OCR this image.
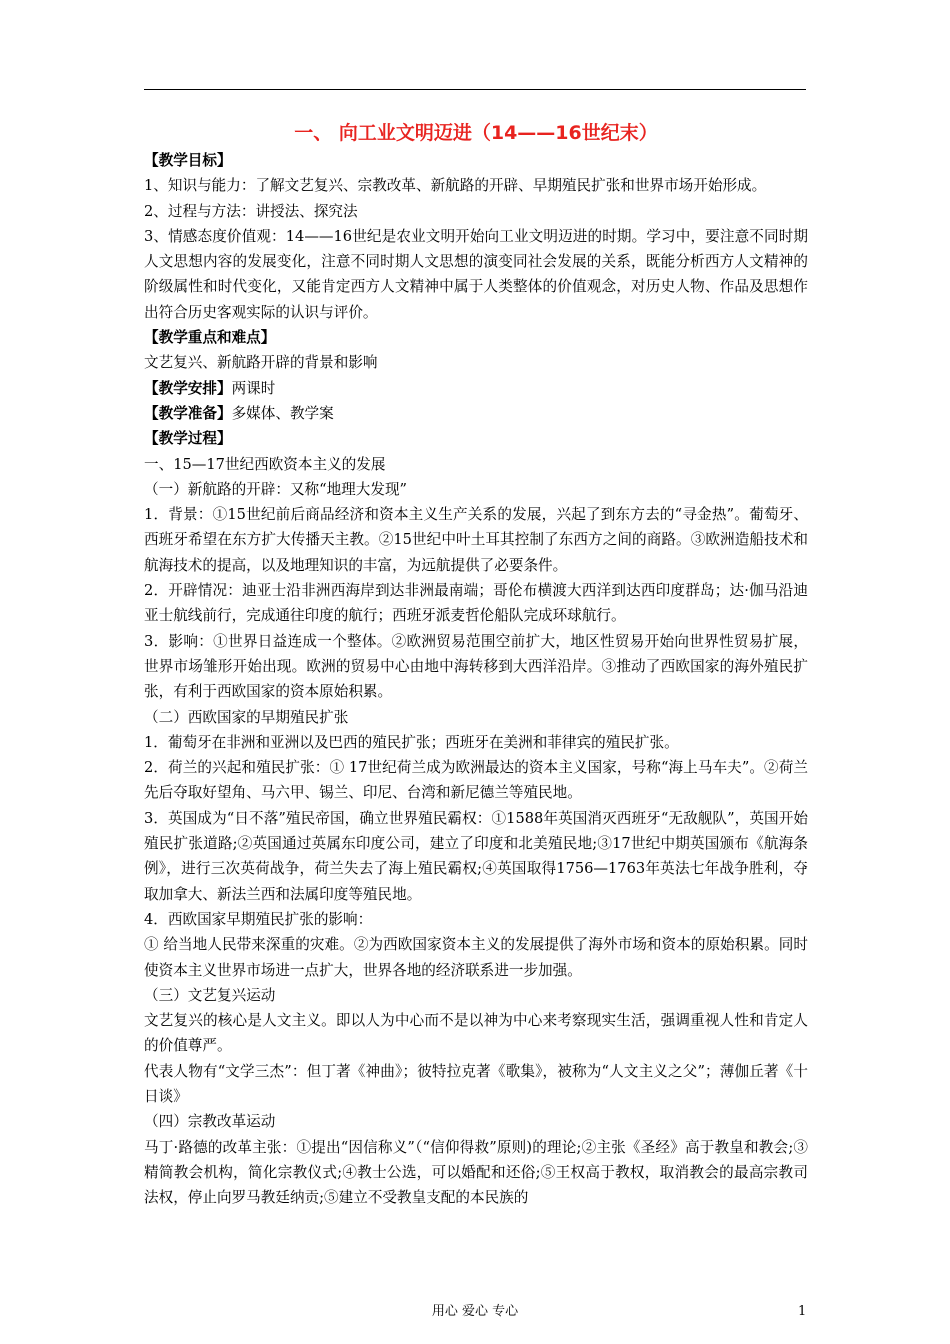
一、 向工业文明迈进（14——16世纪末）
【教学目标】
1、知识与能力：了解文艺复兴、宗教改革、新航路的开辟、早期殖民扩张和世界市场开始形成。
2、过程与方法：讲授法、探究法
3、情感态度价值观：14——16世纪是农业文明开始向工业文明迈进的时期。学习中，要注意不同时期人文思想内容的发展变化，注意不同时期人文思想的演变同社会发展的关系，既能分析西方人文精神的阶级属性和时代变化，又能肯定西方人文精神中属于人类整体的价值观念，对历史人物、作品及思想作出符合历史客观实际的认识与评价。
【教学重点和难点】
文艺复兴、新航路开辟的背景和影响
【教学安排】两课时
【教学准备】多媒体、教学案
【教学过程】
一、15—17世纪西欧资本主义的发展
（一）新航路的开辟：又称“地理大发现”
1．背景：①15世纪前后商品经济和资本主义生产关系的发展，兴起了到东方去的“寻金热”。葡萄牙、西班牙希望在东方扩大传播天主教。②15世纪中叶土耳其控制了东西方之间的商路。③欧洲造船技术和航海技术的提高，以及地理知识的丰富，为远航提供了必要条件。
2．开辟情况：迪亚士沿非洲西海岸到达非洲最南端；哥伦布横渡大西洋到达西印度群岛；达·伽马沿迪亚士航线前行，完成通往印度的航行；西班牙派麦哲伦船队完成环球航行。
3．影响：①世界日益连成一个整体。②欧洲贸易范围空前扩大，地区性贸易开始向世界性贸易扩展，世界市场雏形开始出现。欧洲的贸易中心由地中海转移到大西洋沿岸。③推动了西欧国家的海外殖民扩张，有利于西欧国家的资本原始积累。
（二）西欧国家的早期殖民扩张
1．葡萄牙在非洲和亚洲以及巴西的殖民扩张；西班牙在美洲和菲律宾的殖民扩张。
2．荷兰的兴起和殖民扩张：① 17世纪荷兰成为欧洲最达的资本主义国家，号称“海上马车夫”。②荷兰先后夺取好望角、马六甲、锡兰、印尼、台湾和新尼德兰等殖民地。
3．英国成为“日不落”殖民帝国，确立世界殖民霸权：①1588年英国消灭西班牙“无敌舰队”，英国开始殖民扩张道路;②英国通过英属东印度公司，建立了印度和北美殖民地;③17世纪中期英国颁布《航海条例》，进行三次英荷战争，荷兰失去了海上殖民霸权;④英国取得1756—1763年英法七年战争胜利，夺取加拿大、新法兰西和法属印度等殖民地。
4．西欧国家早期殖民扩张的影响：
① 给当地人民带来深重的灾难。②为西欧国家资本主义的发展提供了海外市场和资本的原始积累。同时使资本主义世界市场进一点扩大，世界各地的经济联系进一步加强。
（三）文艺复兴运动
文艺复兴的核心是人文主义。即以人为中心而不是以神为中心来考察现实生活，强调重视人性和肯定人的价值尊严。
代表人物有“文学三杰”：但丁著《神曲》；彼特拉克著《歌集》，被称为“人文主义之父”；薄伽丘著《十日谈》
（四）宗教改革运动
马丁·路德的改革主张：①提出“因信称义”（“信仰得救”原则)的理论;②主张《圣经》高于教皇和教会;③精简教会机构，简化宗教仪式;④教士公选，可以婚配和还俗;⑤王权高于教权，取消教会的最高宗教司法权，停止向罗马教廷纳贡;⑤建立不受教皇支配的本民族的
用心 爱心 专心	1
